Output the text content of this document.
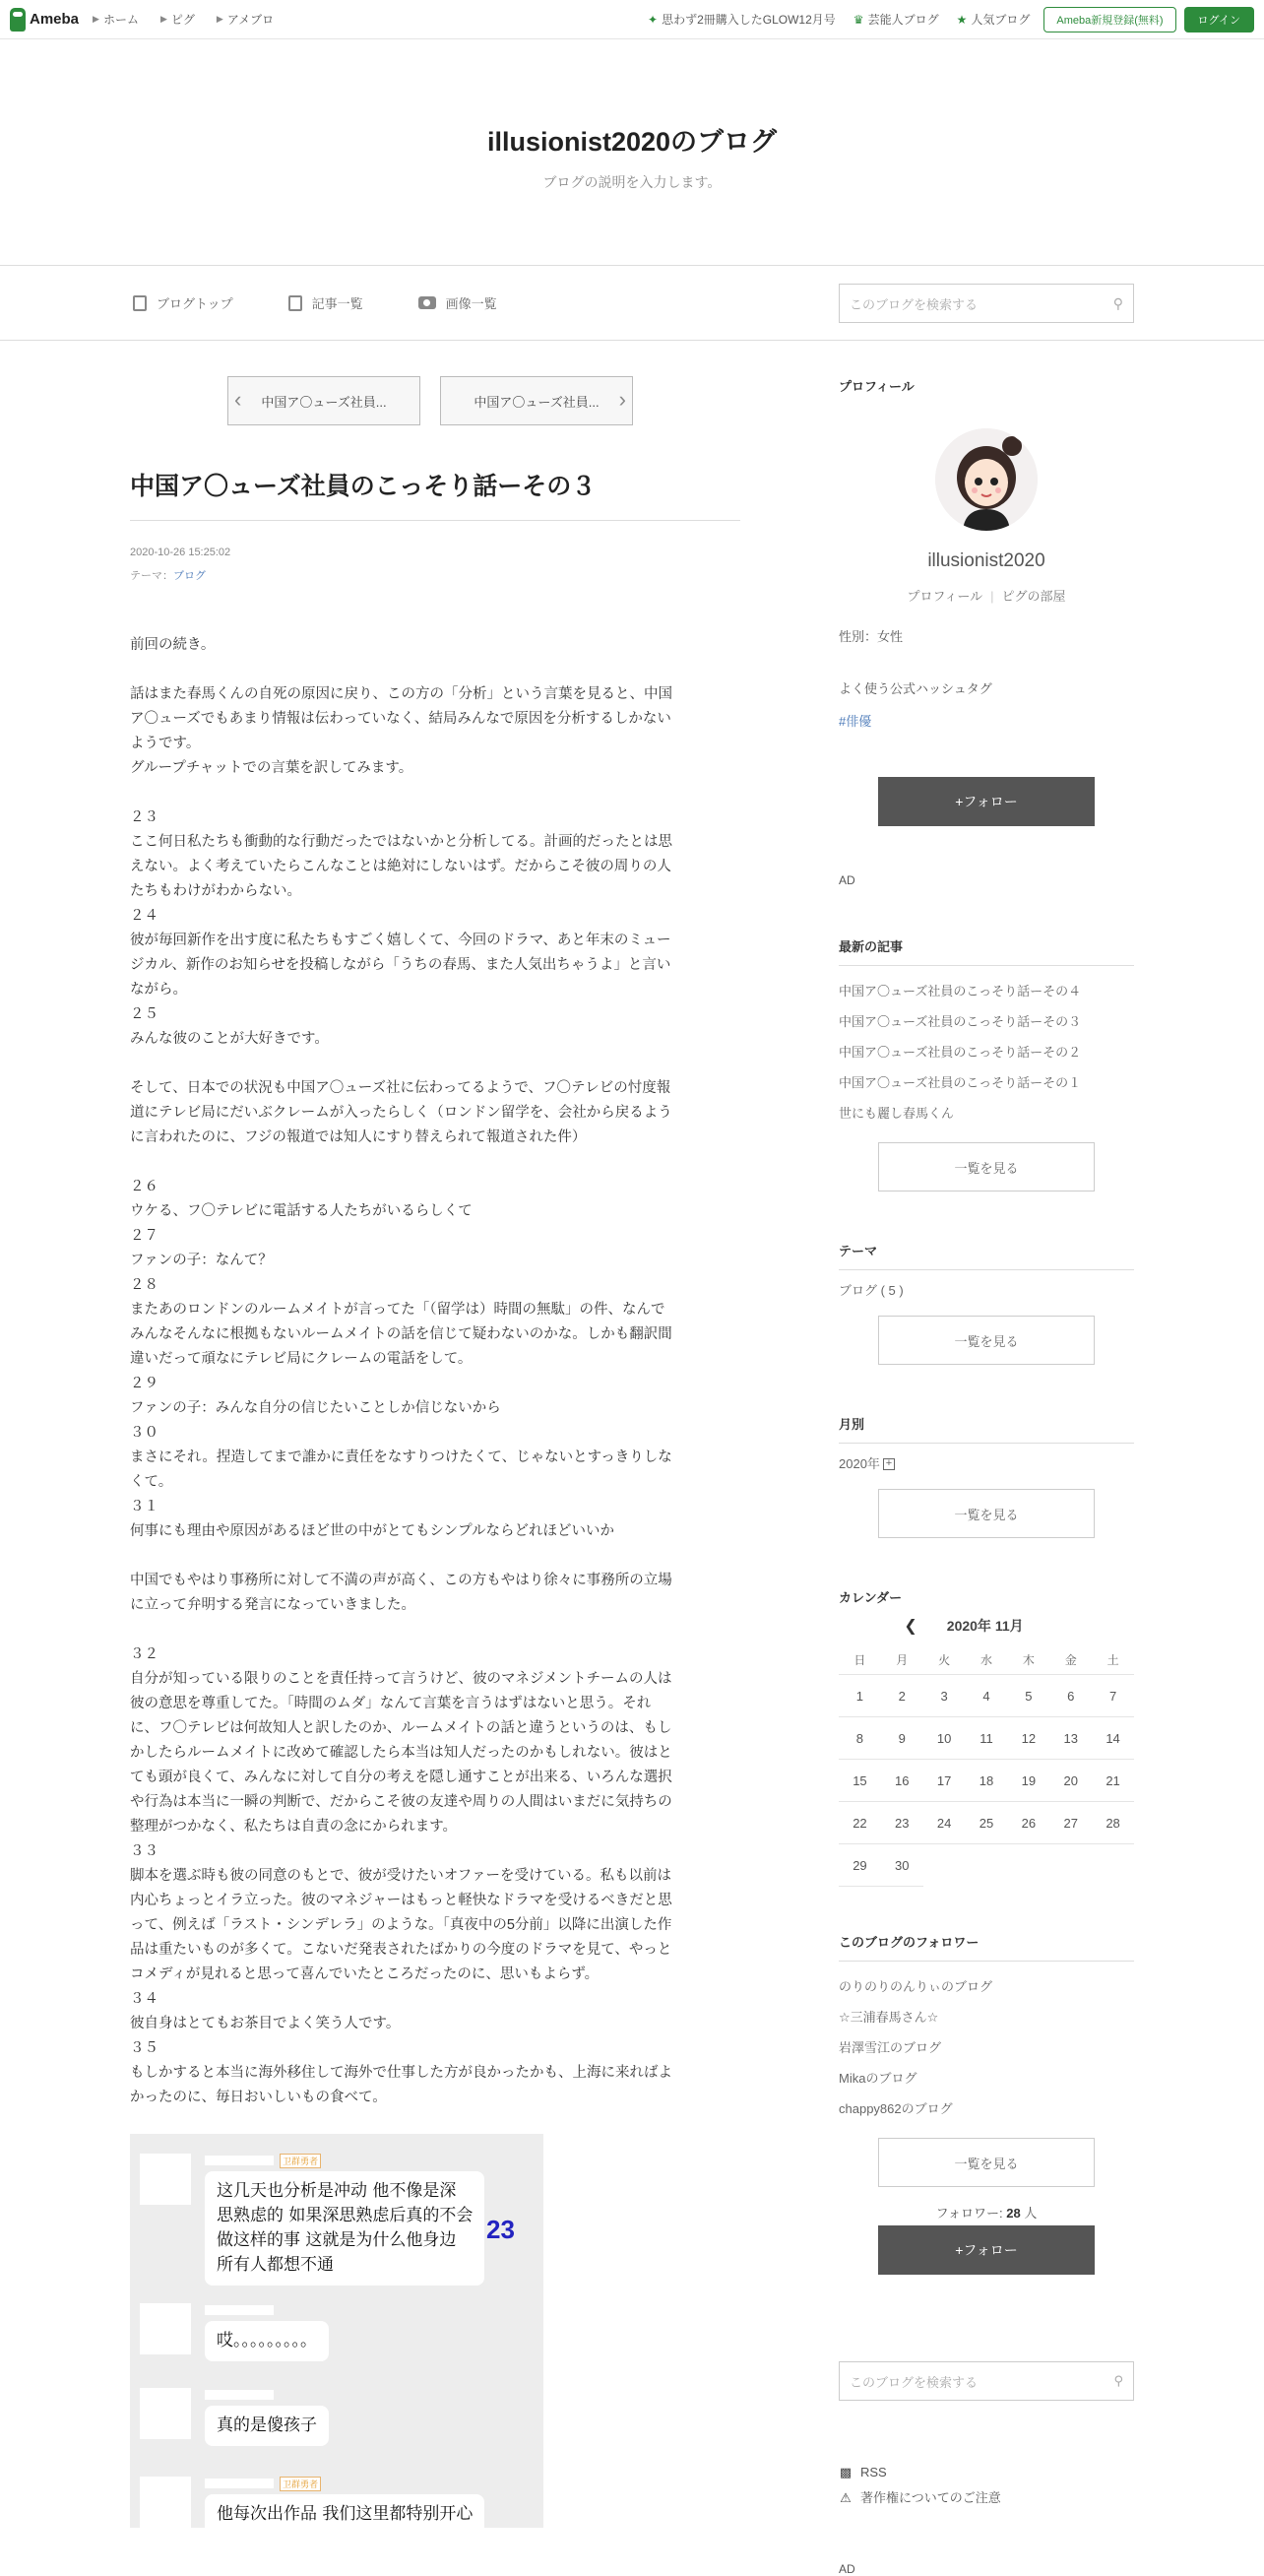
Ameba ▶ ホーム ▶ ピグ ▶ アメブロ	✦ 思わず2冊購入したGLOW12月号 ♛ 芸能人ブログ ★ 人気ブログ	Ameba新規登録(無料)	ログイン
illusionist2020のブログ
ブログの説明を入力します。
ブログトップ	記事一覧	画像一覧	このブログを検索する	⚲
‹ 中国ア〇ューズ社員...	中国ア〇ューズ社員... ›
中国ア〇ューズ社員のこっそり話ーその３
2020-10-26 15:25:02
テーマ：ブログ

前回の続き。

話はまた春馬くんの自死の原因に戻り、この方の「分析」という言葉を見ると、中国
ア〇ューズでもあまり情報は伝わっていなく、結局みんなで原因を分析するしかない
ようです。
グループチャットでの言葉を訳してみます。

２３
ここ何日私たちも衝動的な行動だったではないかと分析してる。計画的だったとは思
えない。よく考えていたらこんなことは絶対にしないはず。だからこそ彼の周りの人
たちもわけがわからない。
２４
彼が毎回新作を出す度に私たちもすごく嬉しくて、今回のドラマ、あと年末のミュー
ジカル、新作のお知らせを投稿しながら「うちの春馬、また人気出ちゃうよ」と言い
ながら。
２５
みんな彼のことが大好きです。

そして、日本での状況も中国ア〇ューズ社に伝わってるようで、フ〇テレビの忖度報
道にテレビ局にだいぶクレームが入ったらしく（ロンドン留学を、会社から戻るよう
に言われたのに、フジの報道では知人にすり替えられて報道された件）

２６
ウケる、フ〇テレビに電話する人たちがいるらしくて
２７
ファンの子：なんて？
２８
またあのロンドンのルームメイトが言ってた「（留学は）時間の無駄」の件、なんで
みんなそんなに根拠もないルームメイトの話を信じて疑わないのかな。しかも翻訳間
違いだって頑なにテレビ局にクレームの電話をして。
２９
ファンの子：みんな自分の信じたいことしか信じないから
３０
まさにそれ。捏造してまで誰かに責任をなすりつけたくて、じゃないとすっきりしな
くて。
３１
何事にも理由や原因があるほど世の中がとてもシンプルならどれほどいいか

中国でもやはり事務所に対して不満の声が高く、この方もやはり徐々に事務所の立場
に立って弁明する発言になっていきました。

３２
自分が知っている限りのことを責任持って言うけど、彼のマネジメントチームの人は
彼の意思を尊重してた。「時間のムダ」なんて言葉を言うはずはないと思う。それ
に、フ〇テレビは何故知人と訳したのか、ルームメイトの話と違うというのは、もし
かしたらルームメイトに改めて確認したら本当は知人だったのかもしれない。彼はと
ても頭が良くて、みんなに対して自分の考えを隠し通すことが出来る、いろんな選択
や行為は本当に一瞬の判断で、だからこそ彼の友達や周りの人間はいまだに気持ちの
整理がつかなく、私たちは自責の念にかられます。
３３
脚本を選ぶ時も彼の同意のもとで、彼が受けたいオファーを受けている。私も以前は
内心ちょっとイラ立った。彼のマネジャーはもっと軽快なドラマを受けるべきだと思
って、例えば「ラスト・シンデレラ」のような。「真夜中の5分前」以降に出演した作
品は重たいものが多くて。こないだ発表されたばかりの今度のドラマを見て、やっと
コメディが見れると思って喜んでいたところだったのに、思いもよらず。
３４
彼自身はとてもお茶目でよく笑う人です。
３５
もしかすると本当に海外移住して海外で仕事した方が良かったかも、上海に来ればよ
かったのに、毎日おいしいもの食べて。

卫群勇者
这几天也分析是冲动 他不像是深
思熟虑的 如果深思熟虑后真的不会
做这样的事 这就是为什么他身边
所有人都想不通
23
哎。。。。。。。。。
真的是傻孩子
卫群勇者
他每次出作品 我们这里都特别开心
プロフィール
illusionist2020
プロフィール | ピグの部屋
性別：女性
よく使う公式ハッシュタグ
#俳優
+フォロー
AD
最新の記事
中国ア〇ューズ社員のこっそり話ーその４
中国ア〇ューズ社員のこっそり話ーその３
中国ア〇ューズ社員のこっそり話ーその２
中国ア〇ューズ社員のこっそり話ーその１
世にも麗し春馬くん
一覧を見る
テーマ
ブログ ( 5 )
一覧を見る
月別
2020年 +
一覧を見る
カレンダー
❮ 2020年 11月
日	月	火	水	木	金	土
1	2	3	4	5	6	7
8	9	10	11	12	13	14
15	16	17	18	19	20	21
22	23	24	25	26	27	28
29	30
このブログのフォロワー
のりのりのんりぃのブログ
☆三浦春馬さん☆
岩澤雪江のブログ
Mikaのブログ
chappy862のブログ
一覧を見る
フォロワー: 28 人
+フォロー
このブログを検索する	⚲
▩ RSS
⚠ 著作権についてのご注意
AD
